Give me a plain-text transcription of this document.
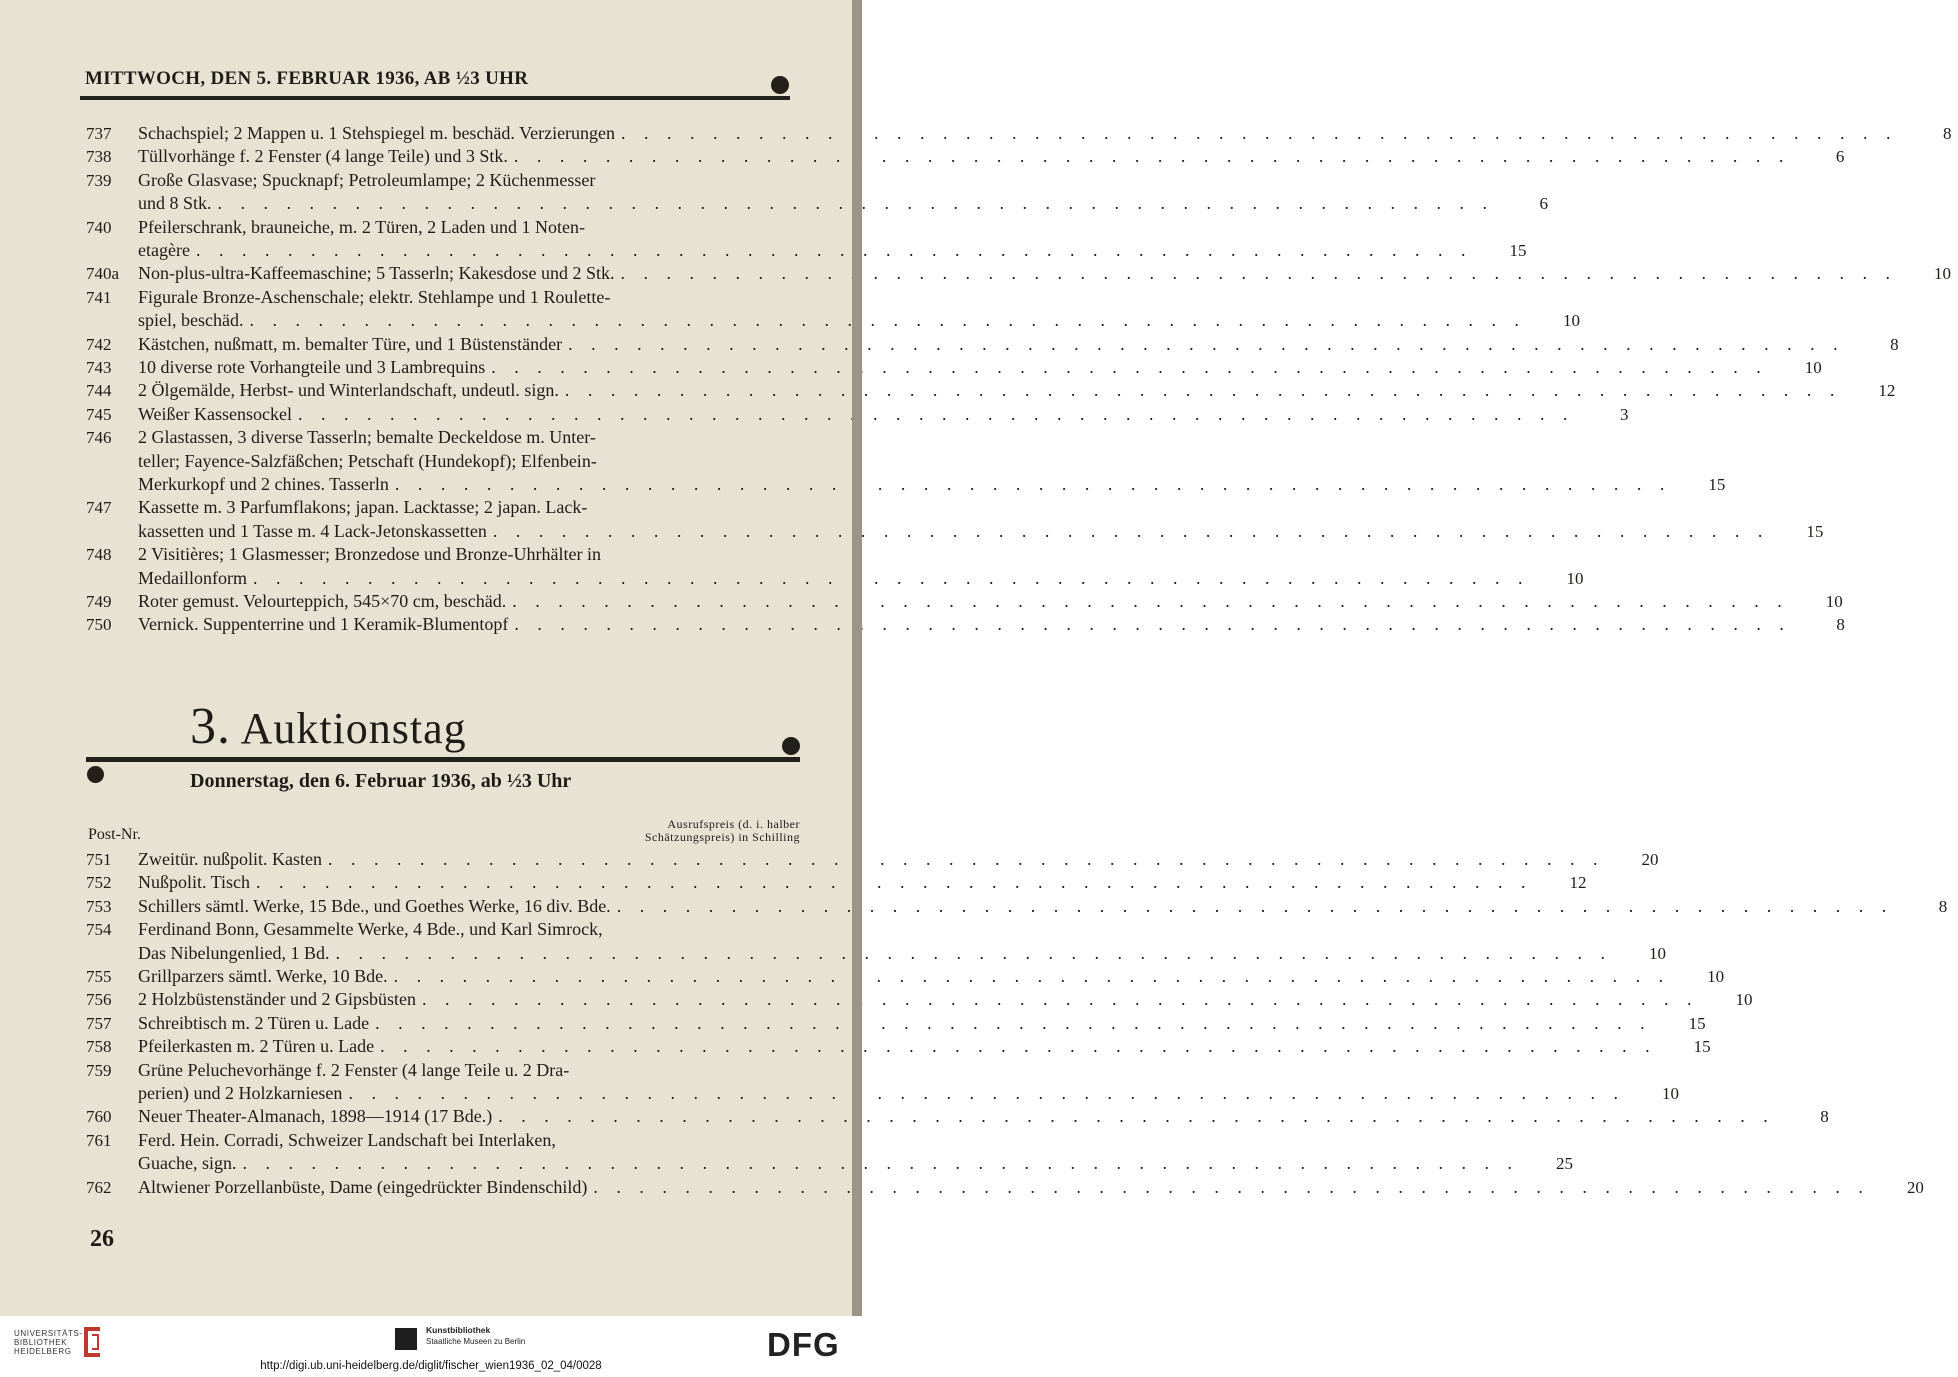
MITTWOCH, DEN 5. FEBRUAR 1936, AB ½3 UHR
737	Schachspiel; 2 Mappen u. 1 Stehspiegel m. beschäd. Verzierungen . . .	8
738	Tüllvorhänge f. 2 Fenster (4 lange Teile) und 3 Stk. . . .	6
739	Große Glasvase; Spucknapf; Petroleumlampe; 2 Küchenmesser
und 8 Stk. . . .	6
740	Pfeilerschrank, brauneiche, m. 2 Türen, 2 Laden und 1 Noten-
etagère . . .	15
740a	Non-plus-ultra-Kaffeemaschine; 5 Tasserln; Kakesdose und 2 Stk. . . .	10
741	Figurale Bronze-Aschenschale; elektr. Stehlampe und 1 Roulette-
spiel, beschäd. . . .	10
742	Kästchen, nußmatt, m. bemalter Türe, und 1 Büstenständer . . .	8
743	10 diverse rote Vorhangteile und 3 Lambrequins . . .	10
744	2 Ölgemälde, Herbst- und Winterlandschaft, undeutl. sign. . . .	12
745	Weißer Kassensockel . . .	3
746	2 Glastassen, 3 diverse Tasserln; bemalte Deckeldose m. Unter-
teller; Fayence-Salzfäßchen; Petschaft (Hundekopf); Elfenbein-
Merkurkopf und 2 chines. Tasserln . . .	15
747	Kassette m. 3 Parfumflakons; japan. Lacktasse; 2 japan. Lack-
kassetten und 1 Tasse m. 4 Lack-Jetonskassetten . . .	15
748	2 Visitières; 1 Glasmesser; Bronzedose und Bronze-Uhrhälter in
Medaillonform . . .	10
749	Roter gemust. Velourteppich, 545×70 cm, beschäd. . . .	10
750	Vernick. Suppenterrine und 1 Keramik-Blumentopf . . .	8
3. Auktionstag
Donnerstag, den 6. Februar 1936, ab ½3 Uhr
Post-Nr.
Ausrufspreis (d. i. halber
Schätzungspreis) in Schilling
751	Zweitür. nußpolit. Kasten . . .	20
752	Nußpolit. Tisch . . .	12
753	Schillers sämtl. Werke, 15 Bde., und Goethes Werke, 16 div. Bde. . . .	8
754	Ferdinand Bonn, Gesammelte Werke, 4 Bde., und Karl Simrock,
Das Nibelungenlied, 1 Bd. . . .	10
755	Grillparzers sämtl. Werke, 10 Bde. . . .	10
756	2 Holzbüstenständer und 2 Gipsbüsten . . .	10
757	Schreibtisch m. 2 Türen u. Lade . . .	15
758	Pfeilerkasten m. 2 Türen u. Lade . . .	15
759	Grüne Peluchevorhänge f. 2 Fenster (4 lange Teile u. 2 Dra-
perien) und 2 Holzkarniesen . . .	10
760	Neuer Theater-Almanach, 1898—1914 (17 Bde.) . . .	8
761	Ferd. Hein. Corradi, Schweizer Landschaft bei Interlaken,
Guache, sign. . . .	25
762	Altwiener Porzellanbüste, Dame (eingedrückter Bindenschild) . . .	20
26
UNIVERSITÄTS-
BIBLIOTHEK
HEIDELBERG
Kunstbibliothek
Staatliche Museen zu Berlin	DFG
http://digi.ub.uni-heidelberg.de/diglit/fischer_wien1936_02_04/0028
